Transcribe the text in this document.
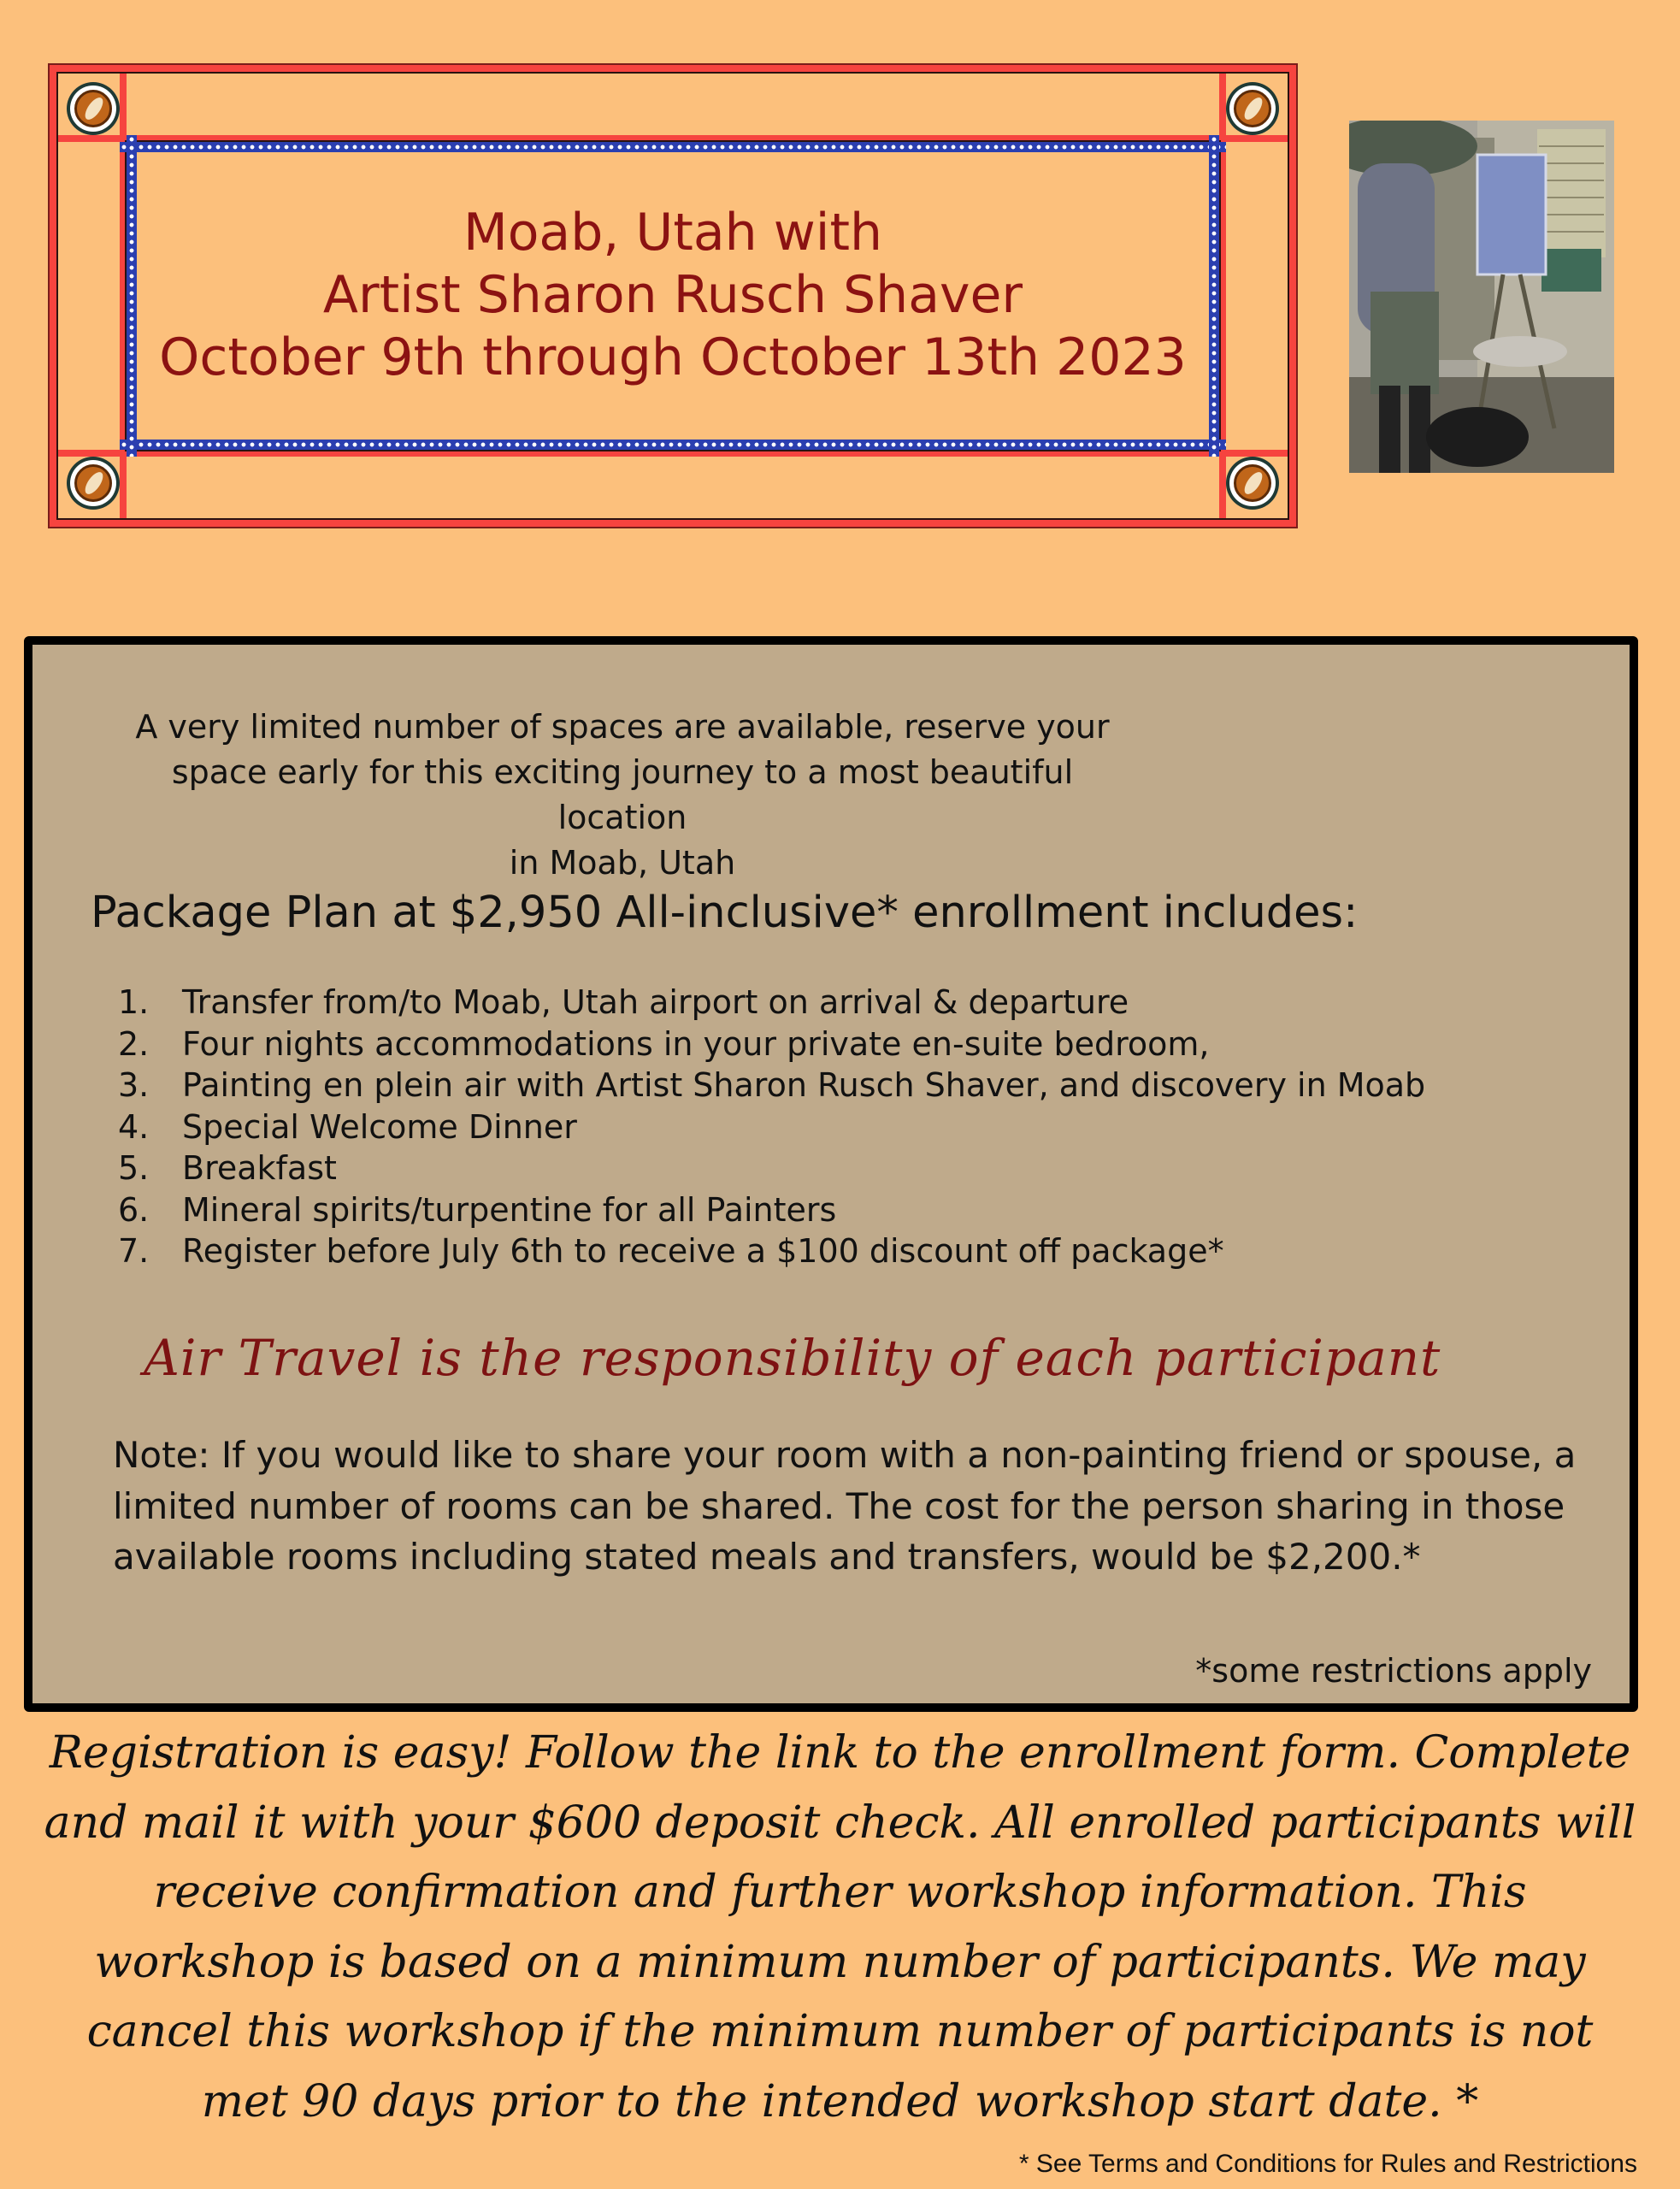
Moab, Utah with
Artist Sharon Rusch Shaver
October 9th through October 13th 2023
A very limited number of spaces are available, reserve your
space early for this exciting journey to a most beautiful location
in Moab, Utah
Package Plan at $2,950 All-inclusive* enrollment includes:
1.	Transfer from/to Moab, Utah airport on arrival & departure
2.	Four nights accommodations in your private en-suite bedroom,
3.	Painting en plein air with Artist Sharon Rusch Shaver, and discovery in Moab
4.	Special Welcome Dinner
5.	Breakfast
6.	Mineral spirits/turpentine for all Painters
7.	Register before July 6th to receive a $100 discount off package*
Air Travel is the responsibility of each participant
Note: If you would like to share your room with a non-painting friend or spouse, a limited number of rooms can be shared. The cost for the person sharing in those available rooms including stated meals and transfers, would be $2,200.*
*some restrictions apply
Registration is easy! Follow the link to the enrollment form. Complete
and mail it with your $600 deposit check. All enrolled participants will
receive confirmation and further workshop information. This
workshop is based on a minimum number of participants. We may
cancel this workshop if the minimum number of participants is not
met 90 days prior to the intended workshop start date. *
* See Terms and Conditions for Rules and Restrictions
